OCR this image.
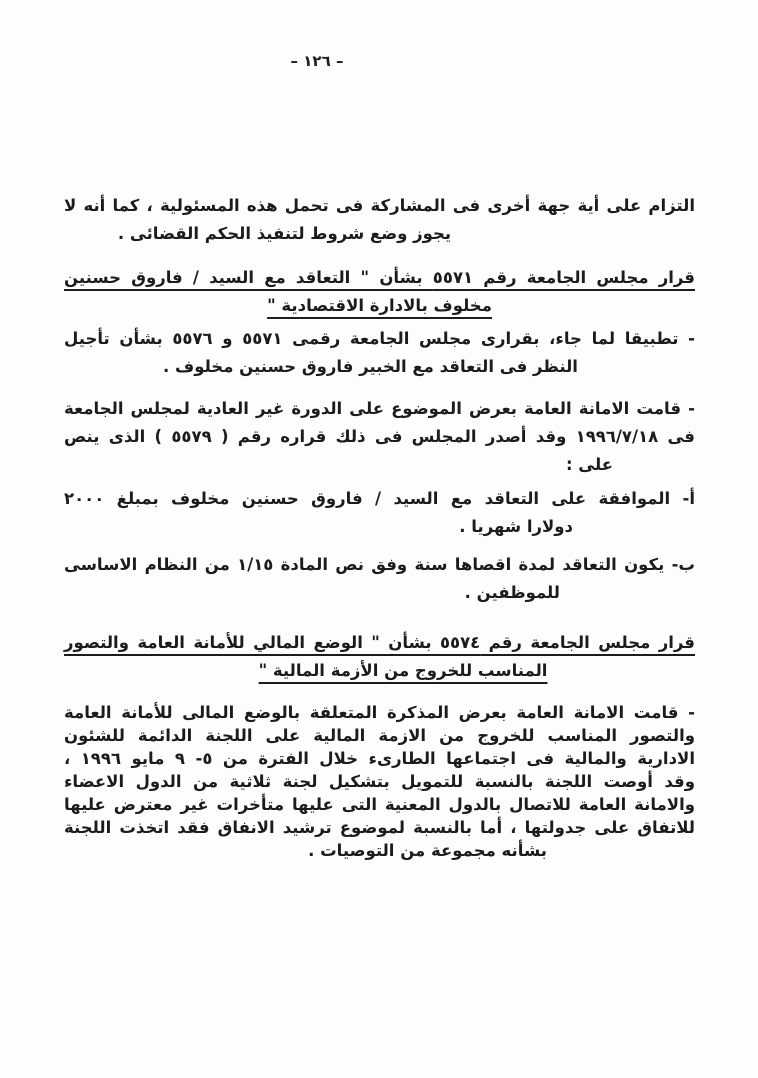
– ١٢٦ –
التزام على أية جهة أخرى فى المشاركة فى تحمل هذه المسئولية ، كما أنه لا
يجوز وضع شروط لتنفيذ الحكم القضائى .
قرار مجلس الجامعة رقم ٥٥٧١ بشأن " التعاقد مع السيد / فاروق حسنين
مخلوف بالادارة الاقتصادية "
- تطبيقا لما جاء، بقرارى مجلس الجامعة رقمى ٥٥٧١ و ٥٥٧٦ بشأن تأجيل
النظر فى التعاقد مع الخبير فاروق حسنين مخلوف .
- قامت الامانة العامة بعرض الموضوع على الدورة غير العادية لمجلس الجامعة
فى ١٩٩٦/٧/١٨ وقد أصدر المجلس فى ذلك قراره رقم ( ٥٥٧٩ ) الذى ينص
على :
أ- الموافقة على التعاقد مع السيد / فاروق حسنين مخلوف بمبلغ ٢٠٠٠
دولارا شهريا .
ب- يكون التعاقد لمدة اقصاها سنة وفق نص المادة ١/١٥ من النظام الاساسى
للموظفين .
قرار مجلس الجامعة رقم ٥٥٧٤ بشأن " الوضع المالي للأمانة العامة والتصور
المناسب للخروج من الأزمة المالية "
- قامت الامانة العامة بعرض المذكرة المتعلقة بالوضع المالى للأمانة العامة
والتصور المناسب للخروج من الازمة المالية على اللجنة الدائمة للشئون
الادارية والمالية فى اجتماعها الطارىء خلال الفترة من ٥- ٩ مايو ١٩٩٦ ،
وقد أوصت اللجنة بالنسبة للتمويل بتشكيل لجنة ثلاثية من الدول الاعضاء
والامانة العامة للاتصال بالدول المعنية التى عليها متأخرات غير معترض عليها
للاتفاق على جدولتها ، أما بالنسبة لموضوع ترشيد الانفاق فقد اتخذت اللجنة
بشأنه مجموعة من التوصيات .
